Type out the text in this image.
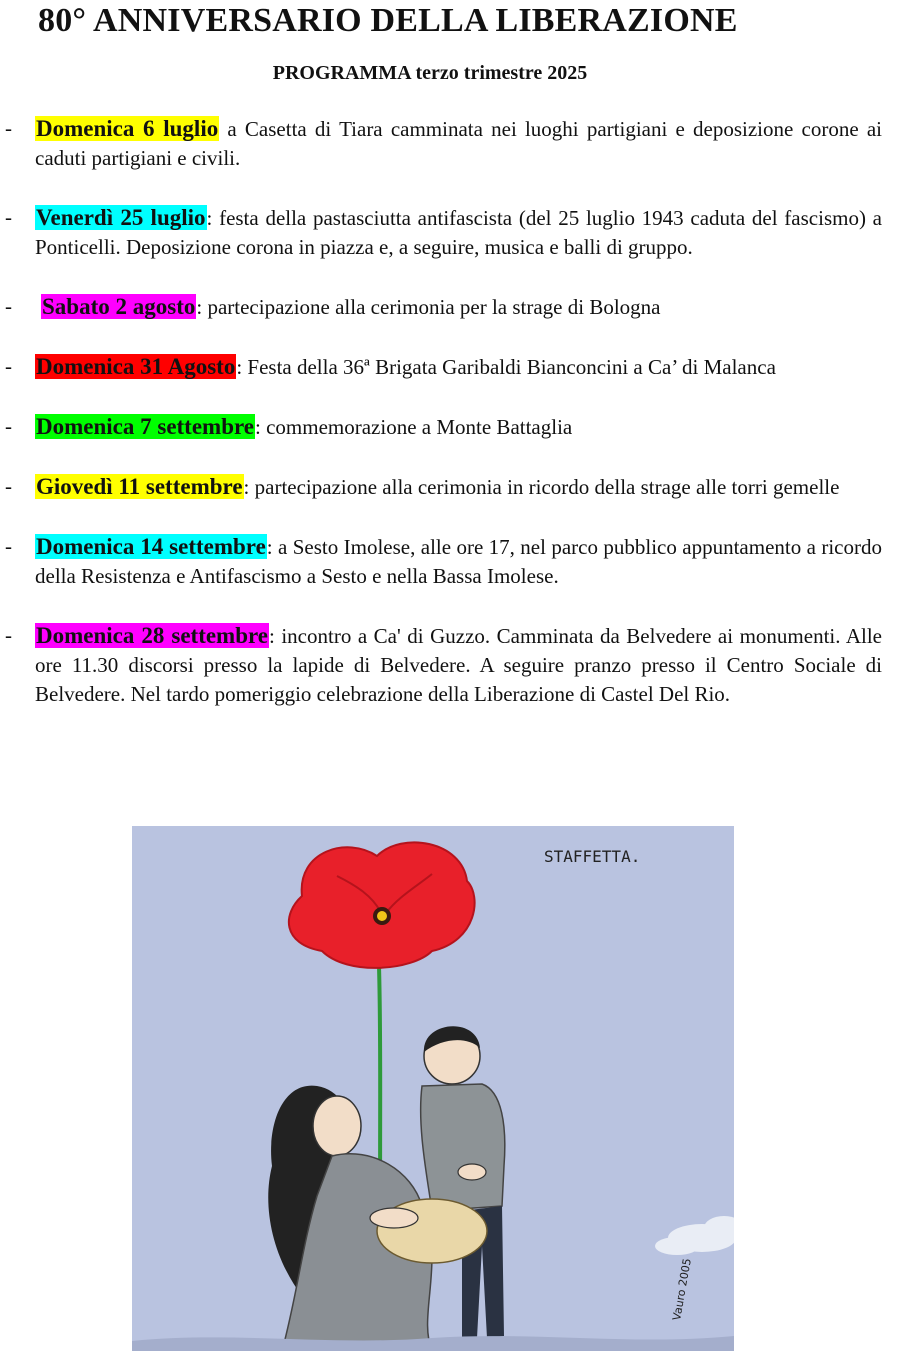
80° ANNIVERSARIO DELLA LIBERAZIONE
PROGRAMMA terzo trimestre 2025
- Domenica 6 luglio a Casetta di Tiara camminata nei luoghi partigiani e deposizione corone ai caduti partigiani e civili.
- Venerdì 25 luglio: festa della pastasciutta antifascista (del 25 luglio 1943 caduta del fascismo) a Ponticelli. Deposizione corona in piazza e, a seguire, musica e balli di gruppo.
- Sabato 2 agosto: partecipazione alla cerimonia per la strage di Bologna
- Domenica 31 Agosto: Festa della 36ª Brigata Garibaldi Bianconcini a Ca’ di Malanca
- Domenica 7 settembre: commemorazione a Monte Battaglia
- Giovedì 11 settembre: partecipazione alla cerimonia in ricordo della strage alle torri gemelle
- Domenica 14 settembre: a Sesto Imolese, alle ore 17, nel parco pubblico appuntamento a ricordo della Resistenza e Antifascismo a Sesto e nella Bassa Imolese.
- Domenica 28 settembre: incontro a Ca' di Guzzo. Camminata da Belvedere ai monumenti. Alle ore 11.30 discorsi presso la lapide di Belvedere. A seguire pranzo presso il Centro Sociale di Belvedere. Nel tardo pomeriggio celebrazione della Liberazione di Castel Del Rio.
STAFFETTA.
Vauro 2005
